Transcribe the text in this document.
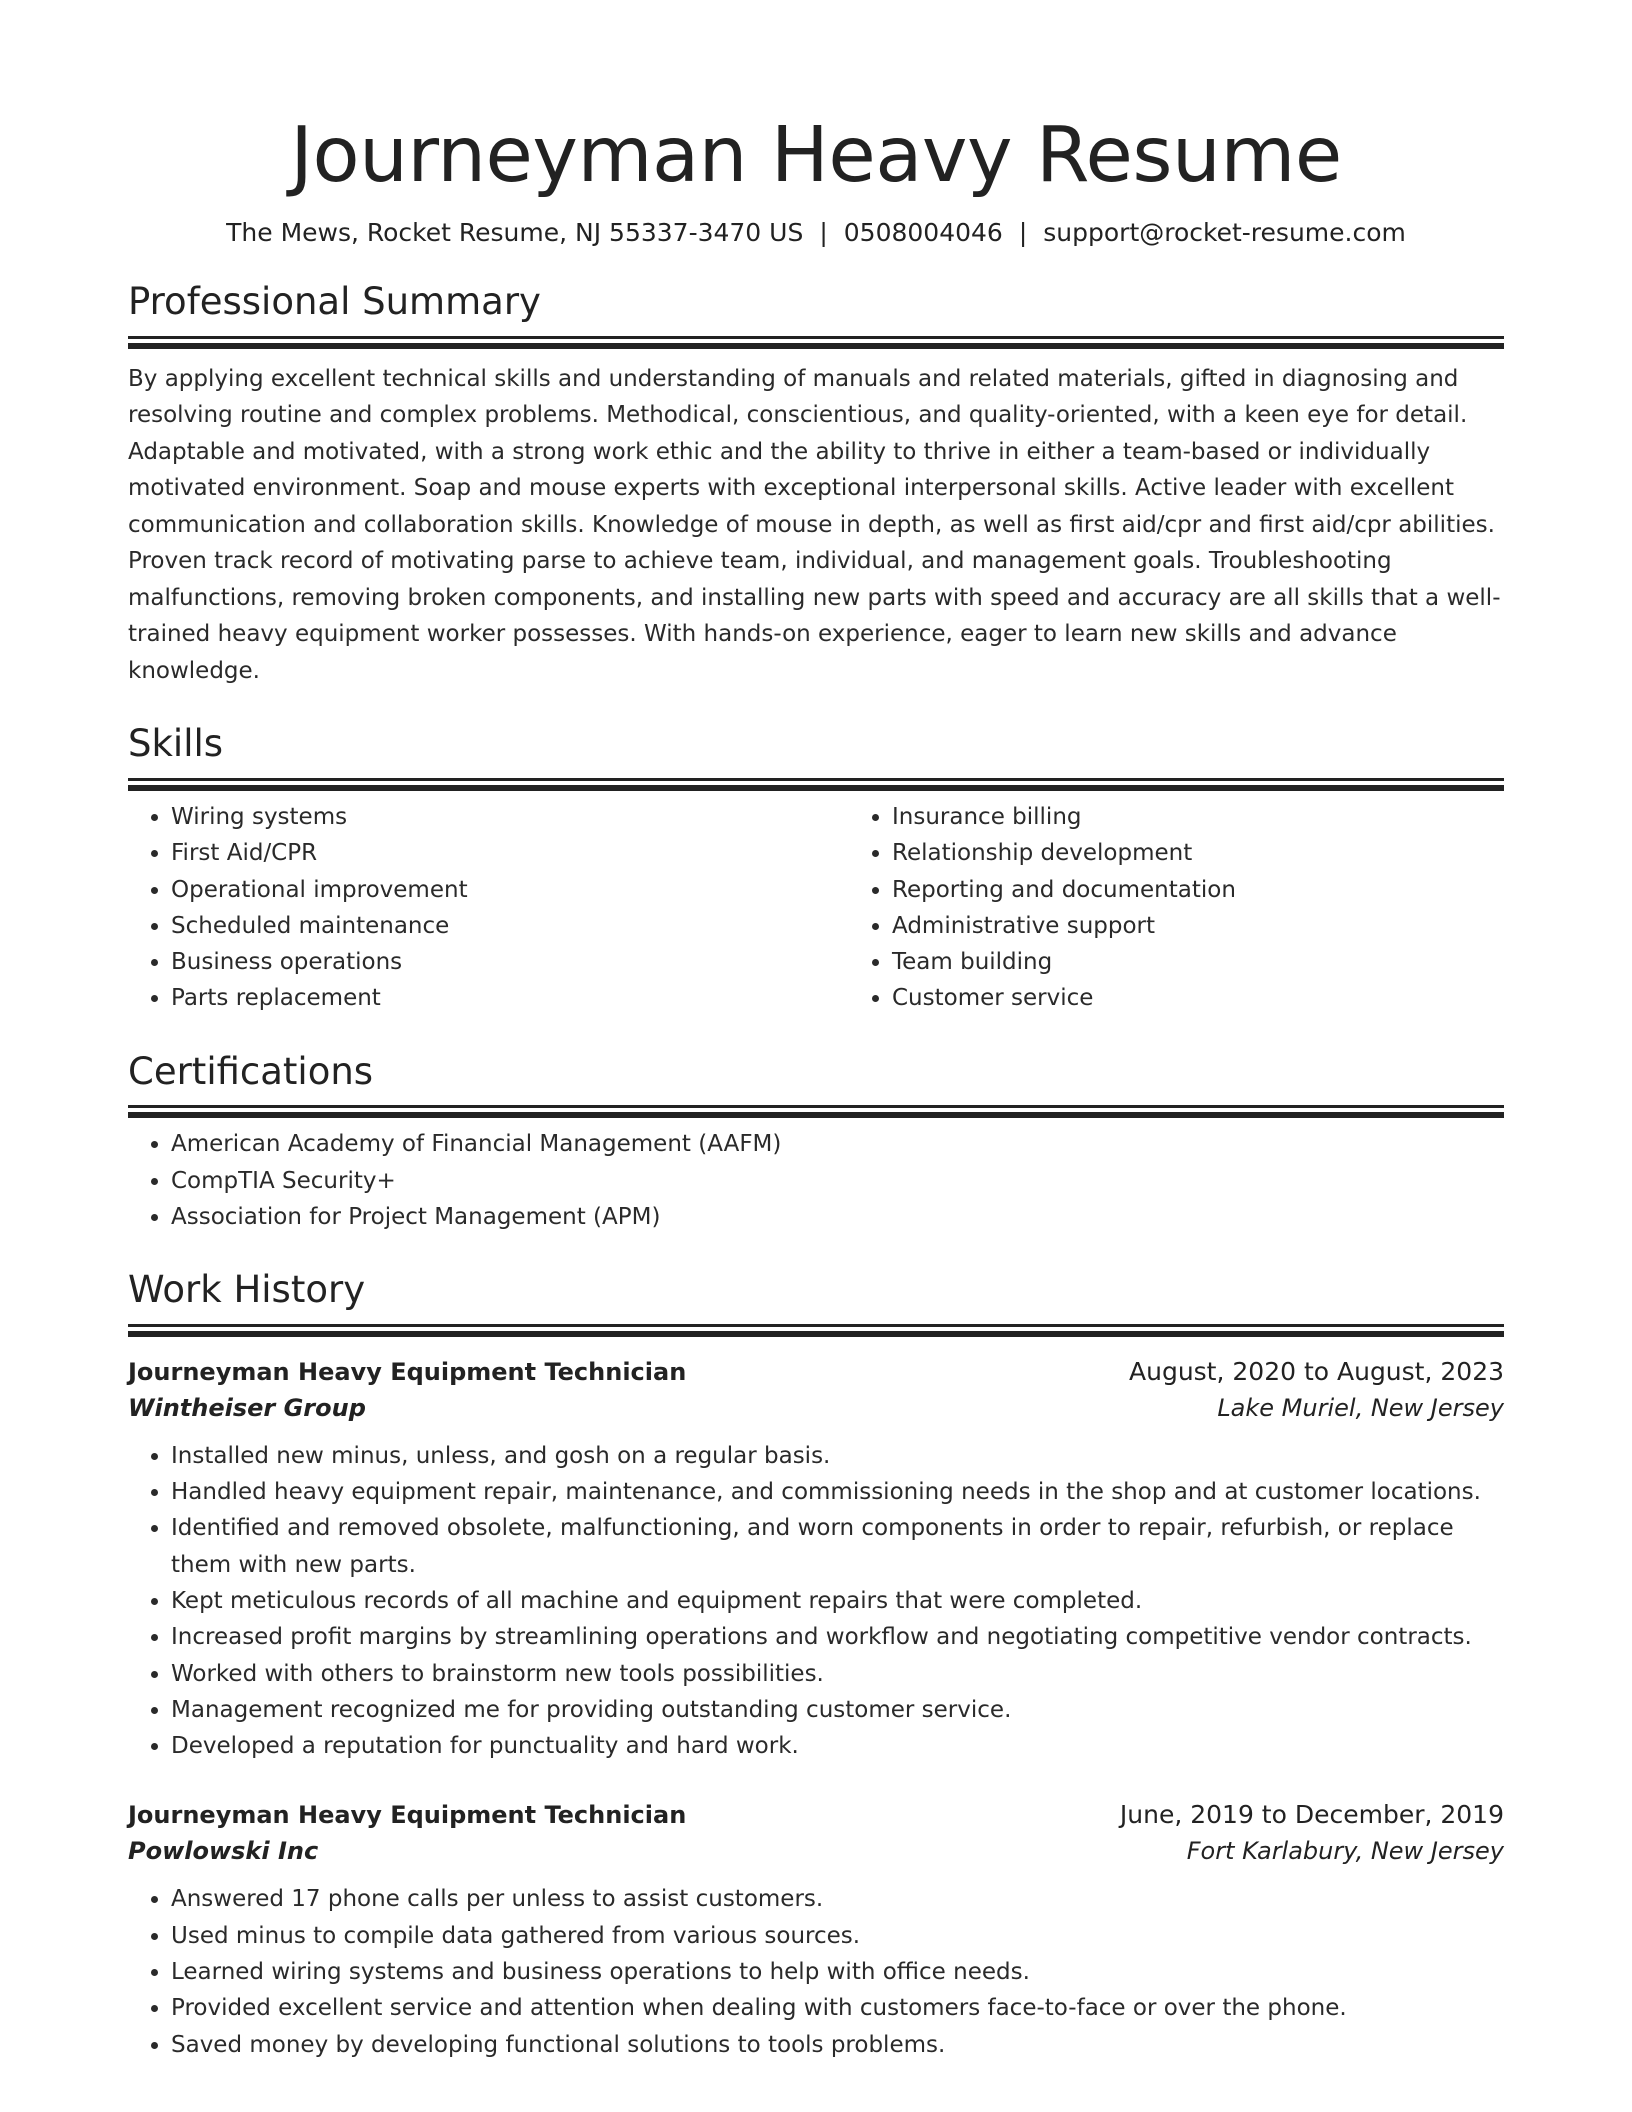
Journeyman Heavy Resume
The Mews, Rocket Resume, NJ 55337-3470 US | 0508004046 | support@rocket-resume.com
Professional Summary
By applying excellent technical skills and understanding of manuals and related materials, gifted in diagnosing and resolving routine and complex problems. Methodical, conscientious, and quality-oriented, with a keen eye for detail. Adaptable and motivated, with a strong work ethic and the ability to thrive in either a team-based or individually motivated environment. Soap and mouse experts with exceptional interpersonal skills. Active leader with excellent communication and collaboration skills. Knowledge of mouse in depth, as well as first aid/cpr and first aid/cpr abilities. Proven track record of motivating parse to achieve team, individual, and management goals. Troubleshooting malfunctions, removing broken components, and installing new parts with speed and accuracy are all skills that a well-trained heavy equipment worker possesses. With hands-on experience, eager to learn new skills and advance knowledge.
Skills
• Wiring systems
• First Aid/CPR
• Operational improvement
• Scheduled maintenance
• Business operations
• Parts replacement
• Insurance billing
• Relationship development
• Reporting and documentation
• Administrative support
• Team building
• Customer service
Certifications
• American Academy of Financial Management (AAFM)
• CompTIA Security+
• Association for Project Management (APM)
Work History
Journeyman Heavy Equipment Technician	August, 2020 to August, 2023
Wintheiser Group	Lake Muriel, New Jersey
• Installed new minus, unless, and gosh on a regular basis.
• Handled heavy equipment repair, maintenance, and commissioning needs in the shop and at customer locations.
• Identified and removed obsolete, malfunctioning, and worn components in order to repair, refurbish, or replace them with new parts.
• Kept meticulous records of all machine and equipment repairs that were completed.
• Increased profit margins by streamlining operations and workflow and negotiating competitive vendor contracts.
• Worked with others to brainstorm new tools possibilities.
• Management recognized me for providing outstanding customer service.
• Developed a reputation for punctuality and hard work.
Journeyman Heavy Equipment Technician	June, 2019 to December, 2019
Powlowski Inc	Fort Karlabury, New Jersey
• Answered 17 phone calls per unless to assist customers.
• Used minus to compile data gathered from various sources.
• Learned wiring systems and business operations to help with office needs.
• Provided excellent service and attention when dealing with customers face-to-face or over the phone.
• Saved money by developing functional solutions to tools problems.
